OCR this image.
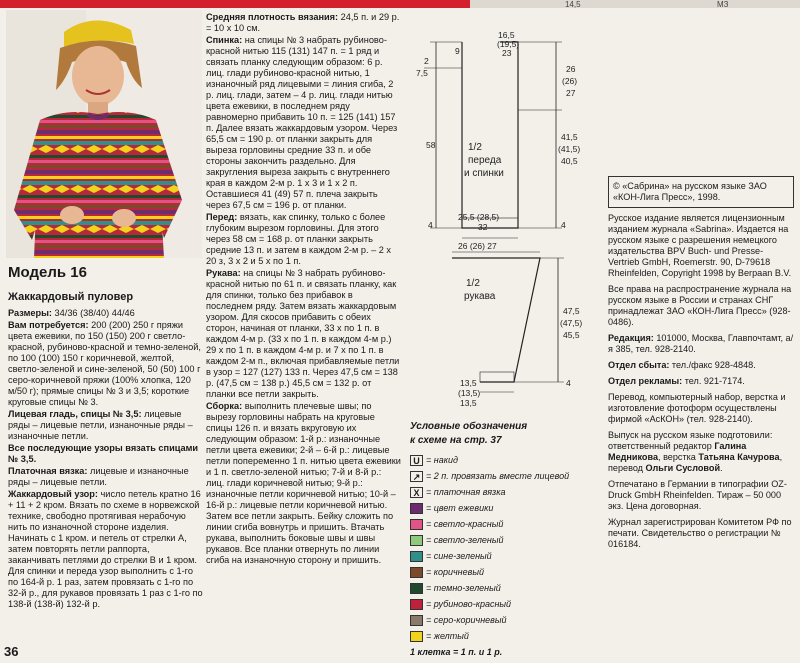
14,5	MЗ
Модель 16
Жаккардовый пуловер

Размеры: 34/36 (38/40) 44/46

Вам потребуется: 200 (200) 250 г пряжи цвета ежевики, по 150 (150) 200 г светло-красной, рубиново-красной и темно-зеленой, по 100 (100) 150 г коричневой, желтой, светло-зеленой и сине-зеленой, 50 (50) 100 г серо-коричневой пряжи (100% хлопка, 120 м/50 г); прямые спицы № 3 и 3,5; короткие круговые спицы № 3.

Лицевая гладь, спицы № 3,5: лицевые ряды – лицевые петли, изнаночные ряды – изнаночные петли.

Все последующие узоры вязать спицами № 3,5.

Платочная вязка: лицевые и изнаночные ряды – лицевые петли.

Жаккардовый узор: число петель кратно 16 + 11 + 2 кром. Вязать по схеме в норвежской технике, свободно протягивая нерабочую нить по изнаночной стороне изделия. Начинать с 1 кром. и петель от стрелки А, затем повторять петли раппорта, заканчивать петлями до стрелки В и 1 кром. Для спинки и переда узор выполнить с 1-го по 164-й р. 1 раз, затем провязать с 1-го по 32-й р., для рукавов провязать 1 раз с 1-го по 138-й (138-й) 132-й р.

36

Средняя плотность вязания: 24,5 п. и 29 р. = 10 х 10 см.

Спинка: на спицы № 3 набрать рубиново-красной нитью 115 (131) 147 п. = 1 ряд и связать планку следующим образом: 6 р. лиц. глади рубиново-красной нитью, 1 изнаночный ряд лицевыми = линия сгиба, 2 р. лиц. глади, затем – 4 р. лиц. глади нитью цвета ежевики, в последнем ряду равномерно прибавить 10 п. = 125 (141) 157 п. Далее вязать жаккардовым узором. Через 65,5 см = 190 р. от планки закрыть для выреза горловины средние 33 п. и обе стороны закончить раздельно. Для закругления выреза закрыть с внутреннего края в каждом 2-м р. 1 х 3 и 1 х 2 п. Оставшиеся 41 (49) 57 п. плеча закрыть через 67,5 см = 196 р. от планки.

Перед: вязать, как спинку, только с более глубоким вырезом горловины. Для этого через 58 см = 168 р. от планки закрыть средние 13 п. и затем в каждом 2-м р. – 2 х 20 з, 3 х 2 и 5 х по 1 п.

Рукава: на спицы № 3 набрать рубиново-красной нитью по 61 п. и связать планку, как для спинки, только без прибавок в последнем ряду. Затем вязать жаккардовым узором. Для скосов прибавить с обеих сторон, начиная от планки, 33 х по 1 п. в каждом 4-м р. (33 х по 1 п. в каждом 4-м р.) 29 х по 1 п. в каждом 4-м р. и 7 х по 1 п. в каждом 2-м п., включая прибавляемые петли в узор = 127 (127) 133 п. Через 47,5 см = 138 р. (47,5 см = 138 р.) 45,5 см = 132 р. от планки все петли закрыть.

Сборка: выполнить плечевые швы; по вырезу горловины набрать на круговые спицы 126 п. и вязать вкруговую их следующим образом: 1-й р.: изнаночные петли цвета ежевики; 2-й – 6-й р.: лицевые петли попеременно 1 п. нитью цвета ежевики и 1 п. светло-зеленой нитью; 7-й и 8-й р.: лиц. глади коричневой нитью; 9-й р.: изнаночные петли коричневой нитью; 10-й – 16-й р.: лицевые петли коричневой нитью. Затем все петли закрыть. Бейку сложить по линии сгиба вовнутрь и пришить. Втачать рукава, выполнить боковые швы и швы рукавов. Все планки отвернуть по линии сгиба на изнаночную сторону и пришить.

9
16,5
(19,5)
23
2
7,5
58
26
(26)
27
41,5
(41,5)
40,5
4	4
1/2
переда
и спинки
25,5 (28,5)
32
26 (26) 27
1/2
рукава
47,5
(47,5)
45,5
13,5
(13,5)
13,5
4
Условные обозначения
к схеме на стр. 37
U = накид
↗ = 2 п. провязать вместе лицевой
X = платочная вязка
= цвет ежевики
= светло-красный
= светло-зеленый
= сине-зеленый
= коричневый
= темно-зеленый
= рубиново-красный
= серо-коричневый
= желтый
1 клетка = 1 п. и 1 р.

© «Сабрина» на русском языке ЗАО «КОН-Лига Пресс», 1998.

Русское издание является лицензионным изданием журнала «Sabrina». Издается на русском языке с разрешения немецкого издательства BPV Buch- und Presse-Vertrieb GmbH, Roemerstr. 90, D-79618 Rheinfelden, Copyright 1998 by Berpaan B.V.

Все права на распространение журнала на русском языке в России и странах СНГ принадлежат ЗАО «КОН-Лига Пресс» (928-0486).

Редакция: 101000, Москва, Главпочтамт, а/я 385, тел. 928-2140.

Отдел сбыта: тел./факс 928-4848.

Отдел рекламы: тел. 921-7174.

Перевод, компьютерный набор, верстка и изготовление фотоформ осуществлены фирмой «АсКОН» (тел. 928-2140).

Выпуск на русском языке подготовили: ответственный редактор Галина Медникова, верстка Татьяна Качурова, перевод Ольги Сусловой.

Отпечатано в Германии в типографии OZ-Druck GmbH Rheinfelden. Тираж – 50 000 экз. Цена договорная.

Журнал зарегистрирован Комитетом РФ по печати. Свидетельство о регистрации № 016184.
